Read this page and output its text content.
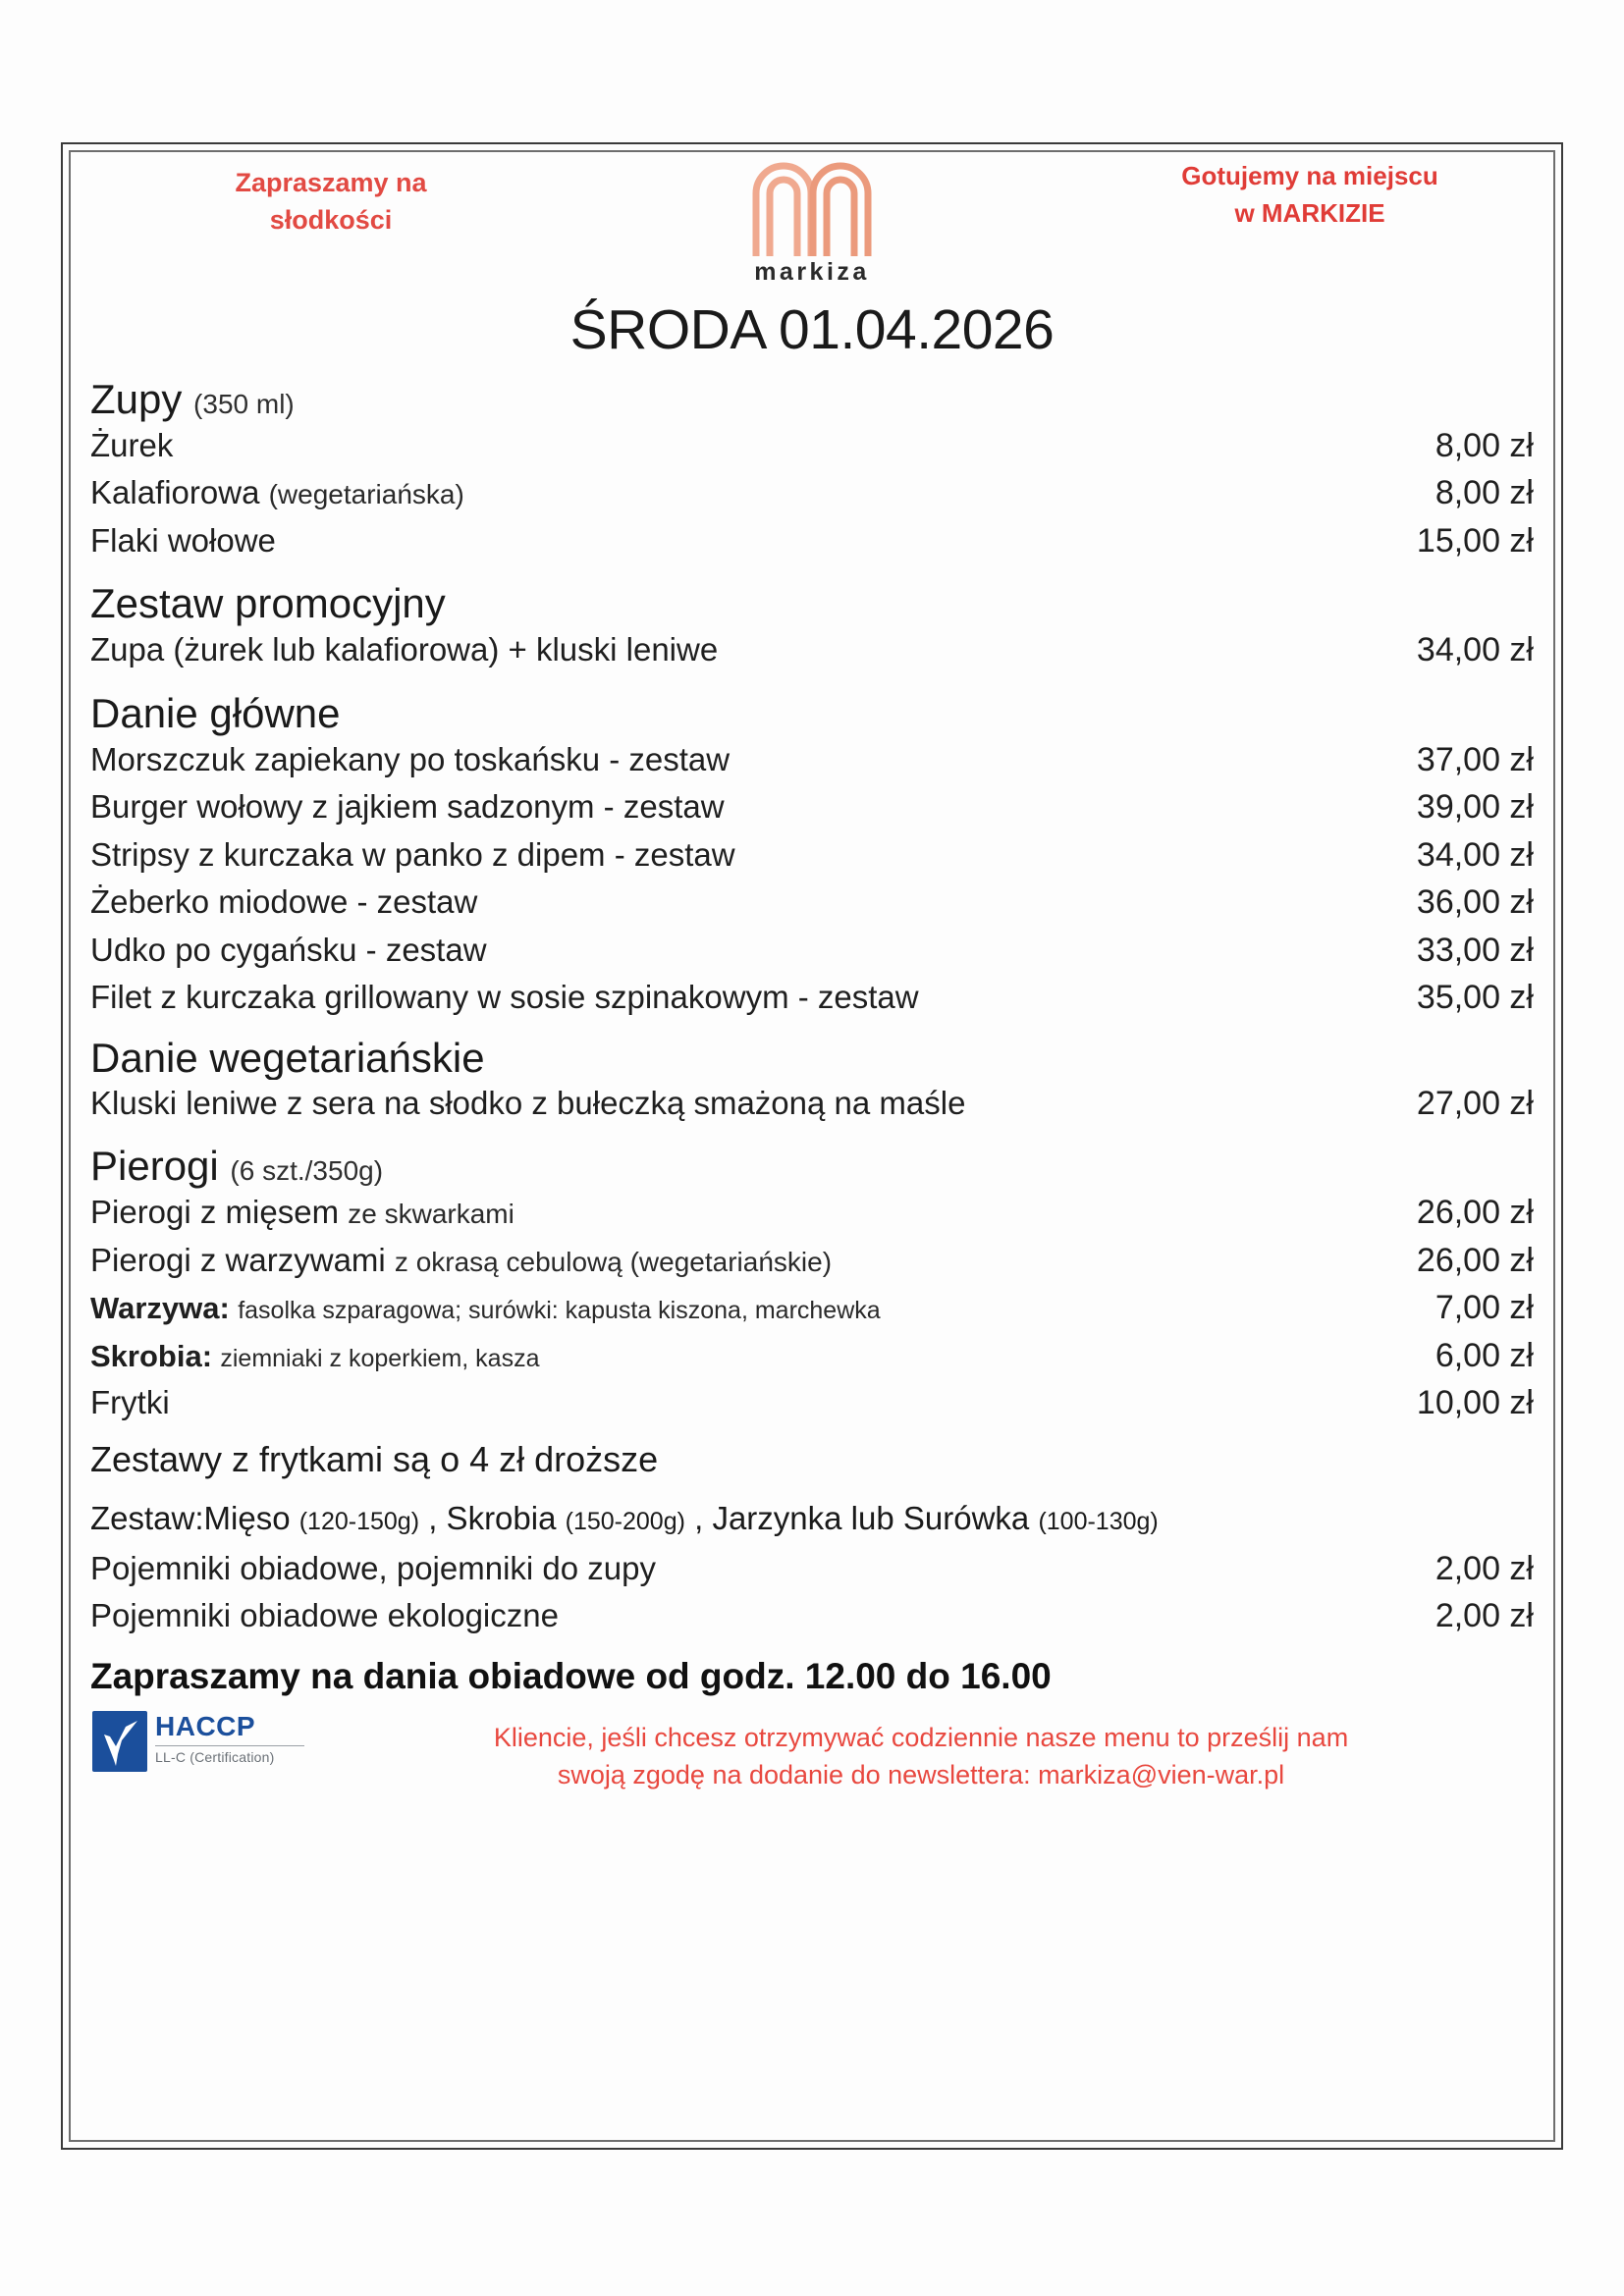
Zapraszamy na
słodkości
markiza
Gotujemy na miejscu
w MARKIZIE
ŚRODA 01.04.2026
Zupy (350 ml)
Żurek	8,00 zł
Kalafiorowa (wegetariańska)	8,00 zł
Flaki wołowe	15,00 zł
Zestaw promocyjny
Zupa (żurek lub kalafiorowa) + kluski leniwe	34,00 zł
Danie główne
Morszczuk zapiekany po toskańsku - zestaw	37,00 zł
Burger wołowy z jajkiem sadzonym - zestaw	39,00 zł
Stripsy z kurczaka w panko z dipem - zestaw	34,00 zł
Żeberko miodowe - zestaw	36,00 zł
Udko po cygańsku - zestaw	33,00 zł
Filet z kurczaka grillowany w sosie szpinakowym - zestaw	35,00 zł
Danie wegetariańskie
Kluski leniwe z sera na słodko z bułeczką smażoną na maśle	27,00 zł
Pierogi (6 szt./350g)
Pierogi z mięsem ze skwarkami	26,00 zł
Pierogi z warzywami z okrasą cebulową (wegetariańskie)	26,00 zł
Warzywa: fasolka szparagowa; surówki: kapusta kiszona, marchewka	7,00 zł
Skrobia: ziemniaki z koperkiem, kasza	6,00 zł
Frytki	10,00 zł
Zestawy z frytkami są o 4 zł droższe
Zestaw:Mięso (120-150g) , Skrobia (150-200g) , Jarzynka lub Surówka (100-130g)
Pojemniki obiadowe, pojemniki do zupy	2,00 zł
Pojemniki obiadowe ekologiczne	2,00 zł
Zapraszamy na dania obiadowe od godz. 12.00 do 16.00
HACCP
LL-C (Certification)
Kliencie, jeśli chcesz otrzymywać codziennie nasze menu to prześlij nam
swoją zgodę na dodanie do newslettera: markiza@vien-war.pl
